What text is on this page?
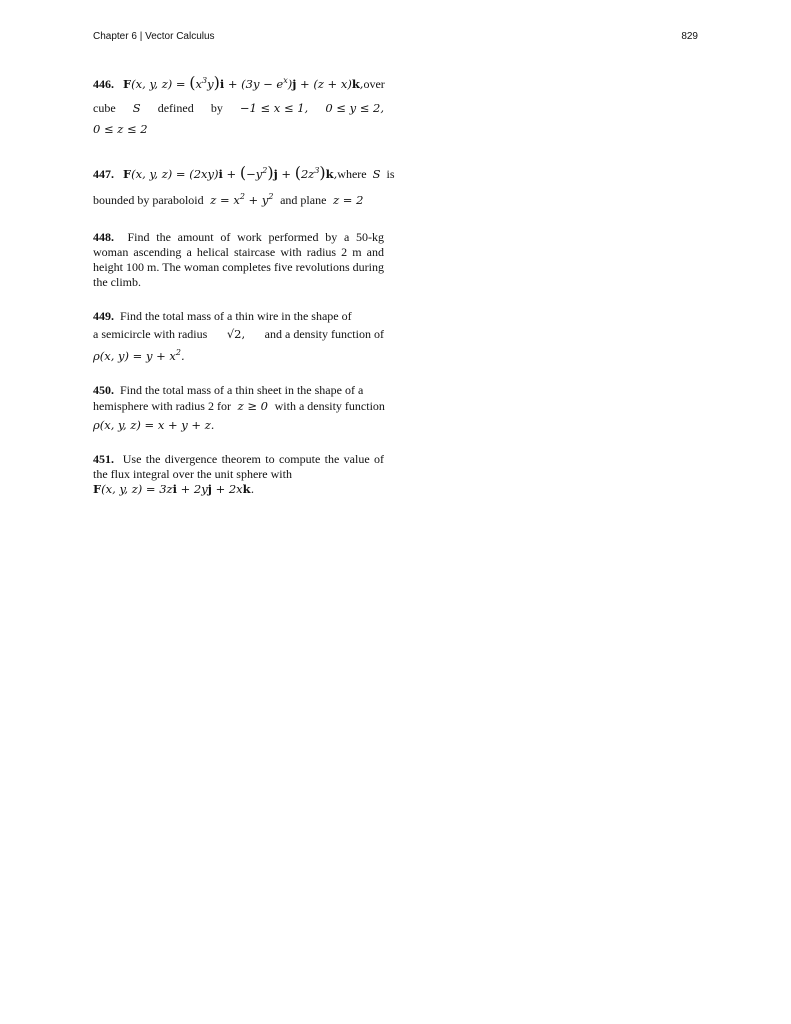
Chapter 6 | Vector Calculus	829
446. F(x, y, $z) = (x^3y)i + (3y - e^x)j + (z + x)k$, over
cube S defined by −1 ≤ x ≤ 1, 0 ≤ y ≤ 2,
0 ≤ z ≤ 2
447. F(x, y, $z) = (2xy)i + (-y^2)j + (2z^3)k$, where S is
bounded by paraboloid  $z = x^2 + y^2$ and plane  z = 2

448. Find the amount of work performed by a 50-kg woman ascending a helical staircase with radius 2 m and height 100 m. The woman completes five revolutions during the climb.

449. Find the total mass of a thin wire in the shape of
a semicircle with radius √2, and a density function of
ρ(x, $y) = y + x^2$.
450. Find the total mass of a thin sheet in the shape of a
hemisphere with radius 2 for  z ≥ 0  with a density function
ρ(x, y, z) = x + y + z.

451. Use the divergence theorem to compute the value of the flux integral over the unit sphere with

F(x, y, z) = 3zi + 2yj + 2xk.
